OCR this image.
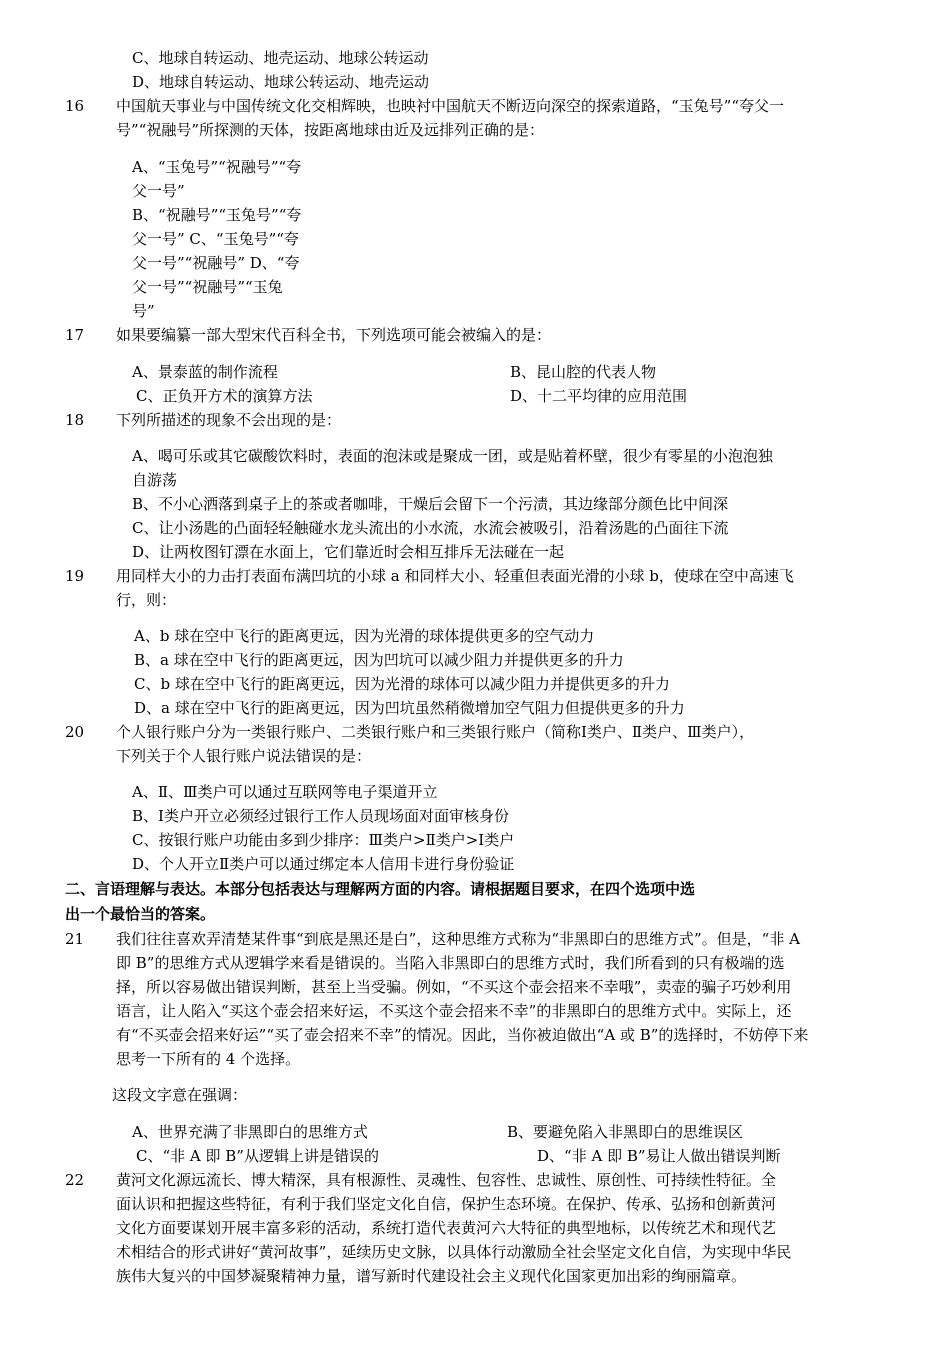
C、地球自转运动、地壳运动、地球公转运动
D、地球自转运动、地球公转运动、地壳运动
16 中国航天事业与中国传统文化交相辉映，也映衬中国航天不断迈向深空的探索道路，“玉兔号”“夸父一
号”“祝融号”所探测的天体，按距离地球由近及远排列正确的是：
A、“玉兔号”“祝融号”“夸
父一号”
B、“祝融号”“玉兔号”“夸
父一号” C、“玉兔号”“夸
父一号”“祝融号” D、“夸
父一号”“祝融号”“玉兔
号”
17 如果要编纂一部大型宋代百科全书，下列选项可能会被编入的是：
A、景泰蓝的制作流程	B、昆山腔的代表人物
C、正负开方术的演算方法	D、十二平均律的应用范围
18 下列所描述的现象不会出现的是：
A、喝可乐或其它碳酸饮料时，表面的泡沫或是聚成一团，或是贴着杯壁，很少有零星的小泡泡独
自游荡
B、不小心洒落到桌子上的茶或者咖啡，干燥后会留下一个污渍，其边缘部分颜色比中间深
C、让小汤匙的凸面轻轻触碰水龙头流出的小水流，水流会被吸引，沿着汤匙的凸面往下流
D、让两枚图钉漂在水面上，它们靠近时会相互排斥无法碰在一起
19 用同样大小的力击打表面布满凹坑的小球 a 和同样大小、轻重但表面光滑的小球 b，使球在空中高速飞
行，则：
A、b 球在空中飞行的距离更远，因为光滑的球体提供更多的空气动力
B、a 球在空中飞行的距离更远，因为凹坑可以减少阻力并提供更多的升力
C、b 球在空中飞行的距离更远，因为光滑的球体可以减少阻力并提供更多的升力
D、a 球在空中飞行的距离更远，因为凹坑虽然稍微增加空气阻力但提供更多的升力
20 个人银行账户分为一类银行账户、二类银行账户和三类银行账户（简称Ⅰ类户、Ⅱ类户、Ⅲ类户），
下列关于个人银行账户说法错误的是：
A、Ⅱ、Ⅲ类户可以通过互联网等电子渠道开立
B、Ⅰ类户开立必须经过银行工作人员现场面对面审核身份
C、按银行账户功能由多到少排序：Ⅲ类户>Ⅱ类户>Ⅰ类户
D、个人开立Ⅱ类户可以通过绑定本人信用卡进行身份验证
二、言语理解与表达。本部分包括表达与理解两方面的内容。请根据题目要求，在四个选项中选
出一个最恰当的答案。
21 我们往往喜欢弄清楚某件事“到底是黑还是白”，这种思维方式称为“非黑即白的思维方式”。但是，“非 A
即 B”的思维方式从逻辑学来看是错误的。当陷入非黑即白的思维方式时，我们所看到的只有极端的选
择，所以容易做出错误判断，甚至上当受骗。例如，“不买这个壶会招来不幸哦”，卖壶的骗子巧妙利用
语言，让人陷入“买这个壶会招来好运，不买这个壶会招来不幸”的非黑即白的思维方式中。实际上，还
有“不买壶会招来好运”“买了壶会招来不幸”的情况。因此，当你被迫做出“A 或 B”的选择时，不妨停下来
思考一下所有的 4 个选择。
这段文字意在强调：
A、世界充满了非黑即白的思维方式	B、要避免陷入非黑即白的思维误区
C、“非 A 即 B”从逻辑上讲是错误的	D、“非 A 即 B”易让人做出错误判断
22 黄河文化源远流长、博大精深，具有根源性、灵魂性、包容性、忠诚性、原创性、可持续性特征。全
面认识和把握这些特征，有利于我们坚定文化自信，保护生态环境。在保护、传承、弘扬和创新黄河
文化方面要谋划开展丰富多彩的活动，系统打造代表黄河六大特征的典型地标，以传统艺术和现代艺
术相结合的形式讲好“黄河故事”，延续历史文脉，以具体行动激励全社会坚定文化自信，为实现中华民
族伟大复兴的中国梦凝聚精神力量，谱写新时代建设社会主义现代化国家更加出彩的绚丽篇章。
